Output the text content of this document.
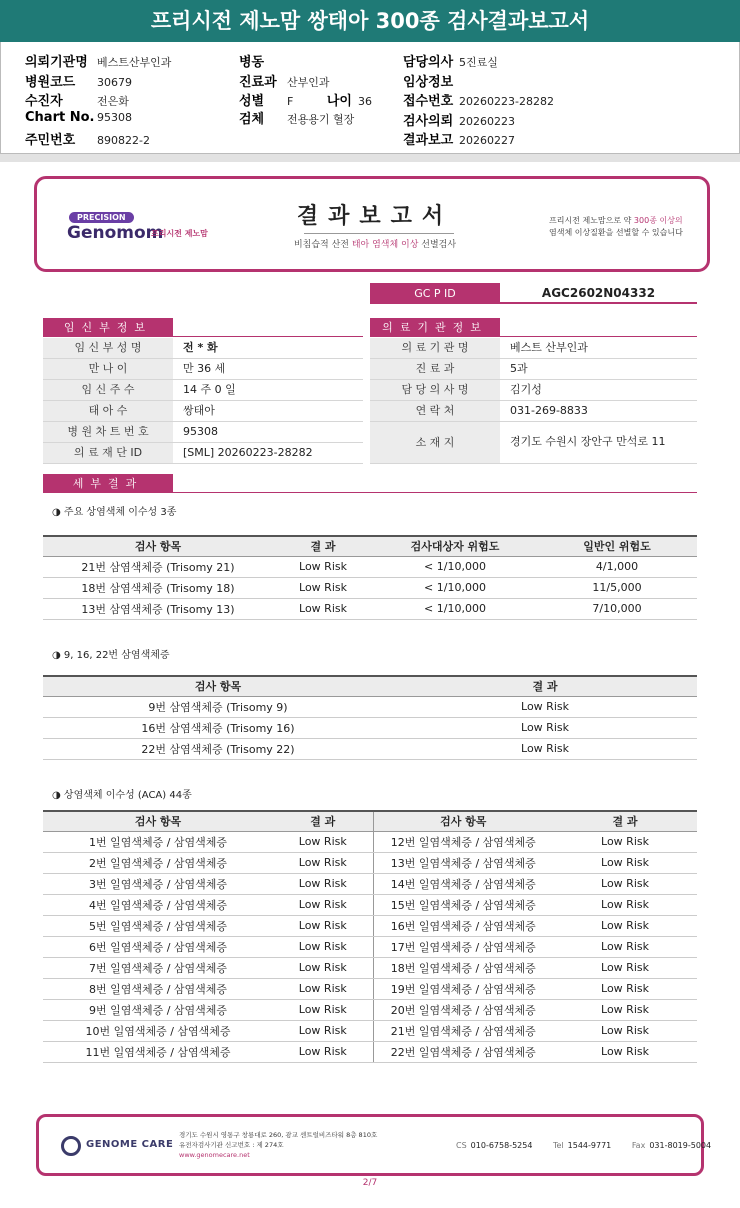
프리시전 제노맘 쌍태아 300종 검사결과보고서
의뢰기관명 베스트산부인과
병원코드 30679
수진자	전은화
Chart No. 95308
주민번호 890822-2
병동
진료과 산부인과
성별 F	나이 36
검체 전용용기 혈장
담당의사 5진료실
임상정보
접수번호 20260223-28282
검사의뢰 20260223
결과보고 20260227
PRECISION
Genomom
프리시전 제노맘
결과보고서
비침습적 산전 태아 염색체 이상 선별검사
프리시전 제노맘으로 약 300종 이상의
염색체 이상질환을 선별할 수 있습니다
GC P ID	AGC2602N04332
임신부정보
임 신 부 성 명	전 * 화
만 나 이	만 36 세
임 신 주 수	14 주 0 일
태 아 수	쌍태아
병 원 차 트 번 호	95308
의 료 재 단 ID	[SML] 20260223-28282
의료기관정보
의 료 기 관 명	베스트 산부인과
진 료 과	5과
담 당 의 사 명	김기성
연 락 처	031-269-8833
소 재 지	경기도 수원시 장안구 만석로 11
세부결과
◑ 주요 상염색체 이수성 3종
검사 항목	결 과	검사대상자 위험도	일반인 위험도
21번 삼염색체증 (Trisomy 21)	Low Risk	< 1/10,000	4/1,000
18번 삼염색체증 (Trisomy 18)	Low Risk	< 1/10,000	11/5,000
13번 삼염색체증 (Trisomy 13)	Low Risk	< 1/10,000	7/10,000
◑ 9, 16, 22번 삼염색체증
검사 항목	결 과
9번 삼염색체증 (Trisomy 9)	Low Risk
16번 삼염색체증 (Trisomy 16)	Low Risk
22번 삼염색체증 (Trisomy 22)	Low Risk
◑ 상염색체 이수성 (ACA) 44종
검사 항목	결 과	검사 항목	결 과
1번 일염색체증 / 삼염색체증	Low Risk	12번 일염색체증 / 삼염색체증	Low Risk
2번 일염색체증 / 삼염색체증	Low Risk	13번 일염색체증 / 삼염색체증	Low Risk
3번 일염색체증 / 삼염색체증	Low Risk	14번 일염색체증 / 삼염색체증	Low Risk
4번 일염색체증 / 삼염색체증	Low Risk	15번 일염색체증 / 삼염색체증	Low Risk
5번 일염색체증 / 삼염색체증	Low Risk	16번 일염색체증 / 삼염색체증	Low Risk
6번 일염색체증 / 삼염색체증	Low Risk	17번 일염색체증 / 삼염색체증	Low Risk
7번 일염색체증 / 삼염색체증	Low Risk	18번 일염색체증 / 삼염색체증	Low Risk
8번 일염색체증 / 삼염색체증	Low Risk	19번 일염색체증 / 삼염색체증	Low Risk
9번 일염색체증 / 삼염색체증	Low Risk	20번 일염색체증 / 삼염색체증	Low Risk
10번 일염색체증 / 삼염색체증	Low Risk	21번 일염색체증 / 삼염색체증	Low Risk
11번 일염색체증 / 삼염색체증	Low Risk	22번 일염색체증 / 삼염색체증	Low Risk
GENOME CARE
경기도 수원시 영통구 창룡대로 260, 광교 센트럴비즈타워 8층 810호
유전자검사기관 신고번호 : 제 274호
www.genomecare.net
CS 010-6758-5254	Tel 1544-9771	Fax 031-8019-5004
2/7
